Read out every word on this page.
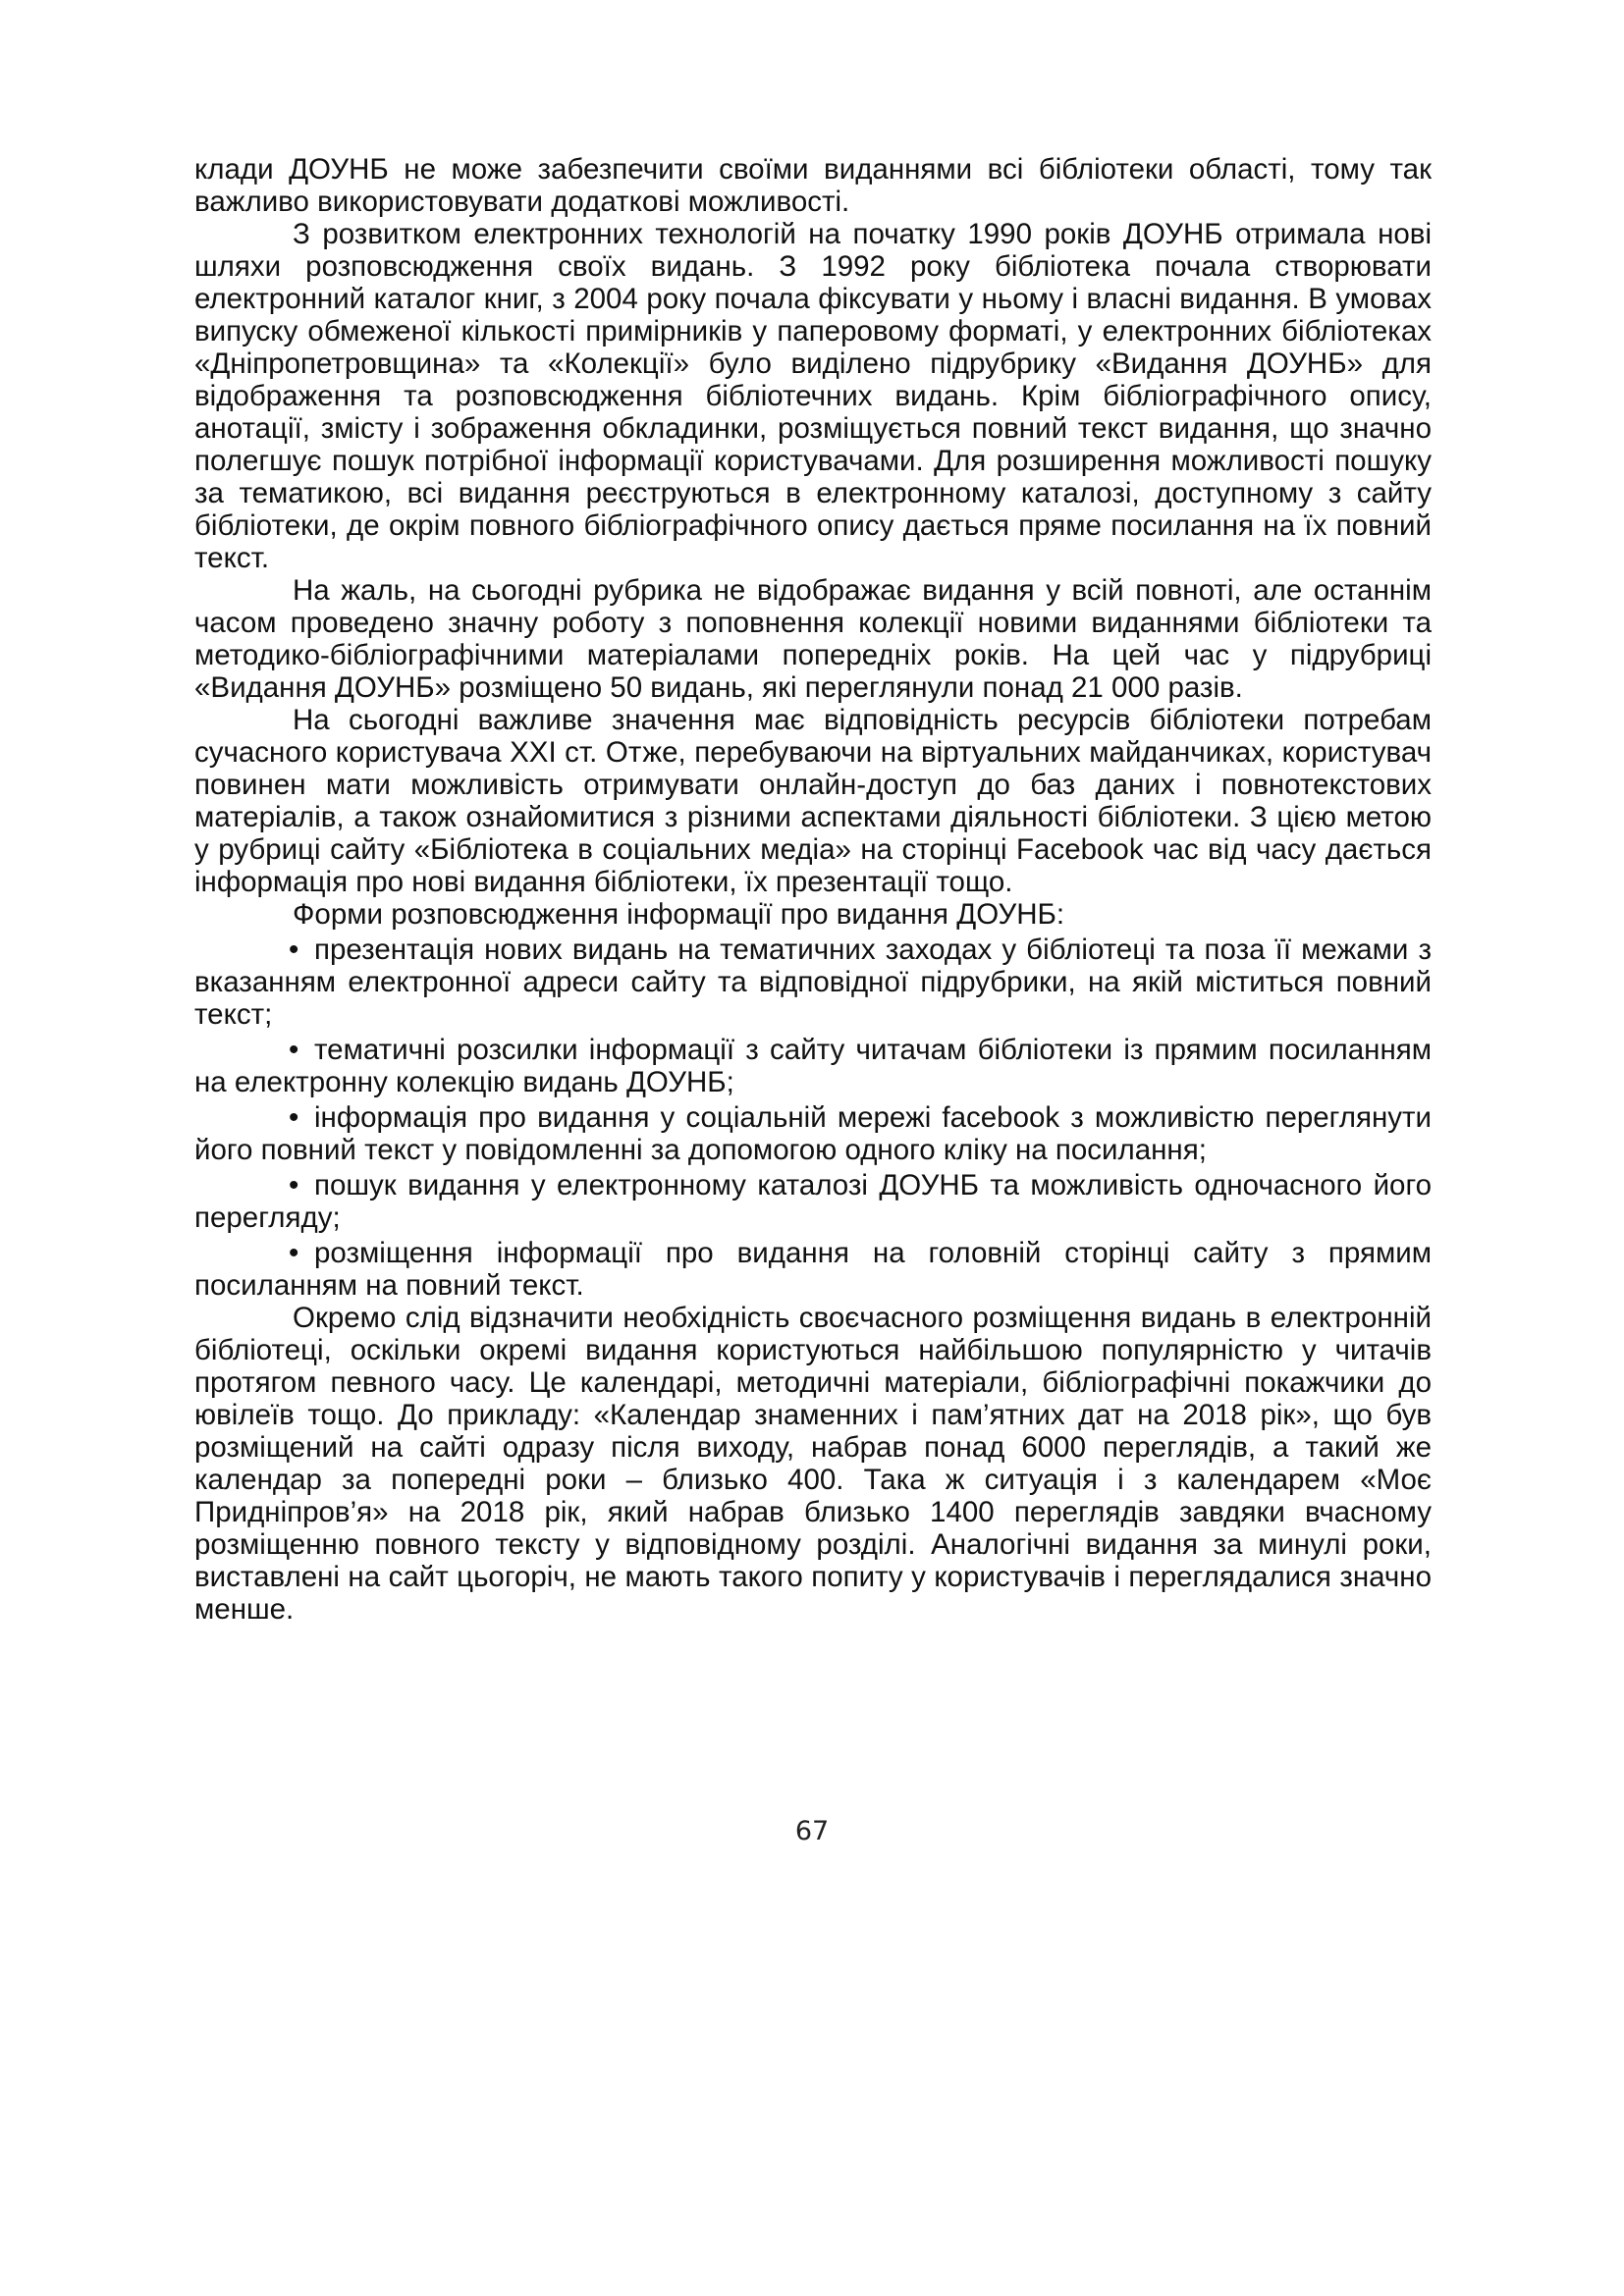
клади ДОУНБ не може забезпечити своїми виданнями всі бібліотеки області, тому так важливо використовувати додаткові можливості.

З розвитком електронних технологій на початку 1990 років ДОУНБ отримала нові шляхи розповсюдження своїх видань. З 1992 року бібліотека почала створювати електронний каталог книг, з 2004 року почала фіксувати у ньому і власні видання. В умовах випуску обмеженої кількості примірників у паперовому форматі, у електронних бібліотеках «Дніпропетровщина» та «Колекції» було виділено підрубрику «Видання ДОУНБ» для відображення та розповсюдження бібліотечних видань. Крім бібліографічного опису, анотації, змісту і зображення обкладинки, розміщується повний текст видання, що значно полегшує пошук потрібної інформації користувачами. Для розширення можливості пошуку за тематикою, всі видання реєструються в електронному каталозі, доступному з сайту бібліотеки, де окрім повного бібліографічного опису дається пряме посилання на їх повний текст.

На жаль, на сьогодні рубрика не відображає видання у всій повноті, але останнім часом проведено значну роботу з поповнення колекції новими виданнями бібліотеки та методико-бібліографічними матеріалами попередніх років. На цей час у підрубриці «Видання ДОУНБ» розміщено 50 видань, які переглянули понад 21 000 разів.

На сьогодні важливе значення має відповідність ресурсів бібліотеки потребам сучасного користувача XXI ст. Отже, перебуваючи на віртуальних майданчиках, користувач повинен мати можливість отримувати онлайн-доступ до баз даних і повнотекстових матеріалів, а також ознайомитися з різними аспектами діяльності бібліотеки. З цією метою у рубриці сайту «Бібліотека в соціальних медіа» на сторінці Facebook час від часу дається інформація про нові видання бібліотеки, їх презентації тощо.

Форми розповсюдження інформації про видання ДОУНБ:

• презентація нових видань на тематичних заходах у бібліотеці та поза її межами з вказанням електронної адреси сайту та відповідної підрубрики, на якій міститься повний текст;

• тематичні розсилки інформації з сайту читачам бібліотеки із прямим посиланням на електронну колекцію видань ДОУНБ;

• інформація про видання у соціальній мережі facebook з можливістю переглянути його повний текст у повідомленні за допомогою одного кліку на посилання;

• пошук видання у електронному каталозі ДОУНБ та можливість одночасного його перегляду;

• розміщення інформації про видання на головній сторінці сайту з прямим посиланням на повний текст.

Окремо слід відзначити необхідність своєчасного розміщення видань в електронній бібліотеці, оскільки окремі видання користуються найбільшою популярністю у читачів протягом певного часу. Це календарі, методичні матеріали, бібліографічні покажчики до ювілеїв тощо. До прикладу: «Календар знаменних і пам’ятних дат на 2018 рік», що був розміщений на сайті одразу після виходу, набрав понад 6000 переглядів, а такий же календар за попередні роки – близько 400. Така ж ситуація і з календарем «Моє Придніпров’я» на 2018 рік, який набрав близько 1400 переглядів завдяки вчасному розміщенню повного тексту у відповідному розділі. Аналогічні видання за минулі роки, виставлені на сайт цьогоріч, не мають такого попиту у користувачів і переглядалися значно менше.

67
